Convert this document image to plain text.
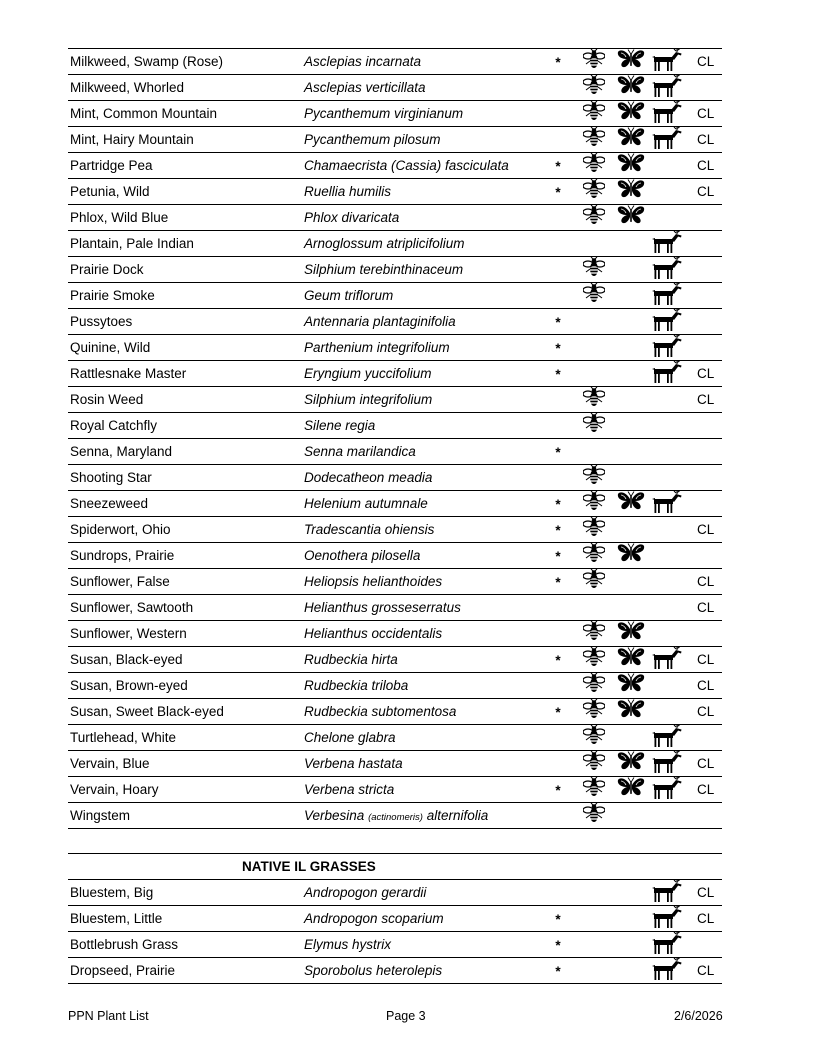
Milkweed, Swamp (Rose)	Asclepias incarnata	*	CL
Milkweed, Whorled	Asclepias verticillata
Mint, Common Mountain	Pycanthemum virginianum	CL
Mint, Hairy Mountain	Pycanthemum pilosum	CL
Partridge Pea	Chamaecrista (Cassia) fasciculata	*	CL
Petunia, Wild	Ruellia humilis	*	CL
Phlox, Wild Blue	Phlox divaricata
Plantain, Pale Indian	Arnoglossum atriplicifolium
Prairie Dock	Silphium terebinthinaceum
Prairie Smoke	Geum triflorum
Pussytoes	Antennaria plantaginifolia	*
Quinine, Wild	Parthenium integrifolium	*
Rattlesnake Master	Eryngium yuccifolium	*	CL
Rosin Weed	Silphium integrifolium	CL
Royal Catchfly	Silene regia
Senna, Maryland	Senna marilandica	*
Shooting Star	Dodecatheon meadia
Sneezeweed	Helenium autumnale	*
Spiderwort, Ohio	Tradescantia ohiensis	*	CL
Sundrops, Prairie	Oenothera pilosella	*
Sunflower, False	Heliopsis helianthoides	*	CL
Sunflower, Sawtooth	Helianthus grosseserratus	CL
Sunflower, Western	Helianthus occidentalis
Susan, Black-eyed	Rudbeckia hirta	*	CL
Susan, Brown-eyed	Rudbeckia triloba	CL
Susan, Sweet Black-eyed	Rudbeckia subtomentosa	*	CL
Turtlehead, White	Chelone glabra
Vervain, Blue	Verbena hastata	CL
Vervain, Hoary	Verbena stricta	*	CL
Wingstem	Verbesina (actinomeris) alternifolia
NATIVE IL GRASSES
Bluestem, Big	Andropogon gerardii	CL
Bluestem, Little	Andropogon scoparium	*	CL
Bottlebrush Grass	Elymus hystrix	*
Dropseed, Prairie	Sporobolus heterolepis	*	CL
PPN Plant List	Page 3	2/6/2026
